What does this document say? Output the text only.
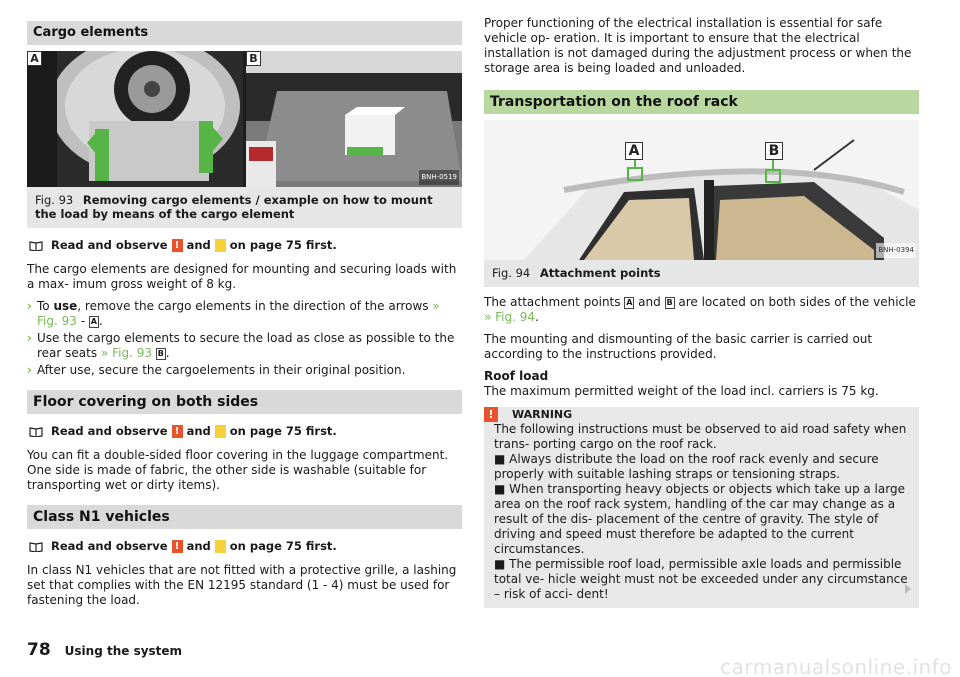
Cargo elements
A	B
BNH-0519
Fig. 93 Removing cargo elements / example on how to mount the load by means of the cargo element
Read and observe ! and on page 75 first.

The cargo elements are designed for mounting and securing loads with a max- imum gross weight of 8 kg.

› To use, remove the cargo elements in the direction of the arrows » Fig. 93 - A .
› Use the cargo elements to secure the load as close as possible to the rear seats » Fig. 93 B .
› After use, secure the cargoelements in their original position.
Floor covering on both sides
Read and observe ! and on page 75 first.

You can fit a double-sided floor covering in the luggage compartment. One side is made of fabric, the other side is washable (suitable for transporting wet or dirty items).

Class N1 vehicles
Read and observe ! and on page 75 first.

In class N1 vehicles that are not fitted with a protective grille, a lashing set that complies with the EN 12195 standard (1 - 4) must be used for fastening the load.

Proper functioning of the electrical installation is essential for safe vehicle op- eration. It is important to ensure that the electrical installation is not damaged during the adjustment process or when the storage area is being loaded and unloaded.

Transportation on the roof rack
A	B
BNH-0394
Fig. 94 Attachment points

The attachment points A and B are located on both sides of the vehicle » Fig. 94.

The mounting and dismounting of the basic carrier is carried out according to the instructions provided.

Roof load

The maximum permitted weight of the load incl. carriers is 75 kg.

!	WARNING

The following instructions must be observed to aid road safety when trans- porting cargo on the roof rack.

■ Always distribute the load on the roof rack evenly and secure properly with suitable lashing straps or tensioning straps.

■ When transporting heavy objects or objects which take up a large area on the roof rack system, handling of the car may change as a result of the dis- placement of the centre of gravity. The style of driving and speed must therefore be adapted to the current circumstances.

■ The permissible roof load, permissible axle loads and permissible total ve- hicle weight must not be exceeded under any circumstance – risk of acci- dent!

78 Using the system
carmanualsonline.info
